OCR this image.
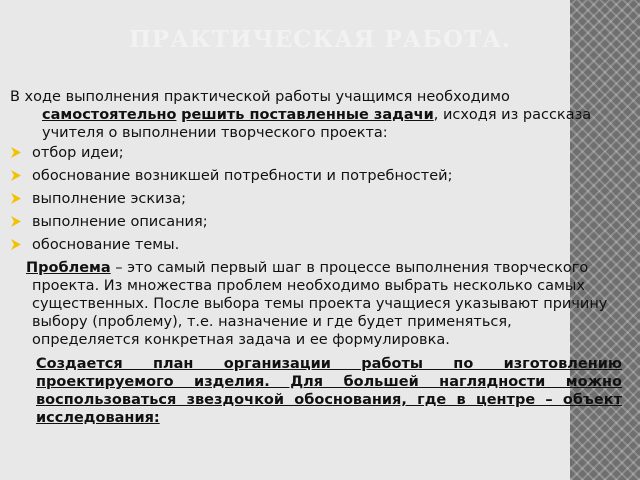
ПРАКТИЧЕСКАЯ РАБОТА.

В ходе выполнения практической работы учащимся необходимо
самостоятельно решить поставленные задачи, исходя из рассказа учителя о выполнении творческого проекта:

отбор идеи;
обоснование возникшей потребности и потребностей;
выполнение эскиза;
выполнение описания;
обоснование темы.

Проблема – это самый первый шаг в процессе выполнения творческого проекта. Из множества проблем необходимо выбрать несколько самых существенных. После выбора темы проекта учащиеся указывают причину выбору (проблему), т.е. назначение и где будет применяться, определяется конкретная задача и ее формулировка.

Создается план организации работы по изготовлению проектируемого изделия. Для большей наглядности можно воспользоваться звездочкой обоснования, где в центре – объект исследования:
